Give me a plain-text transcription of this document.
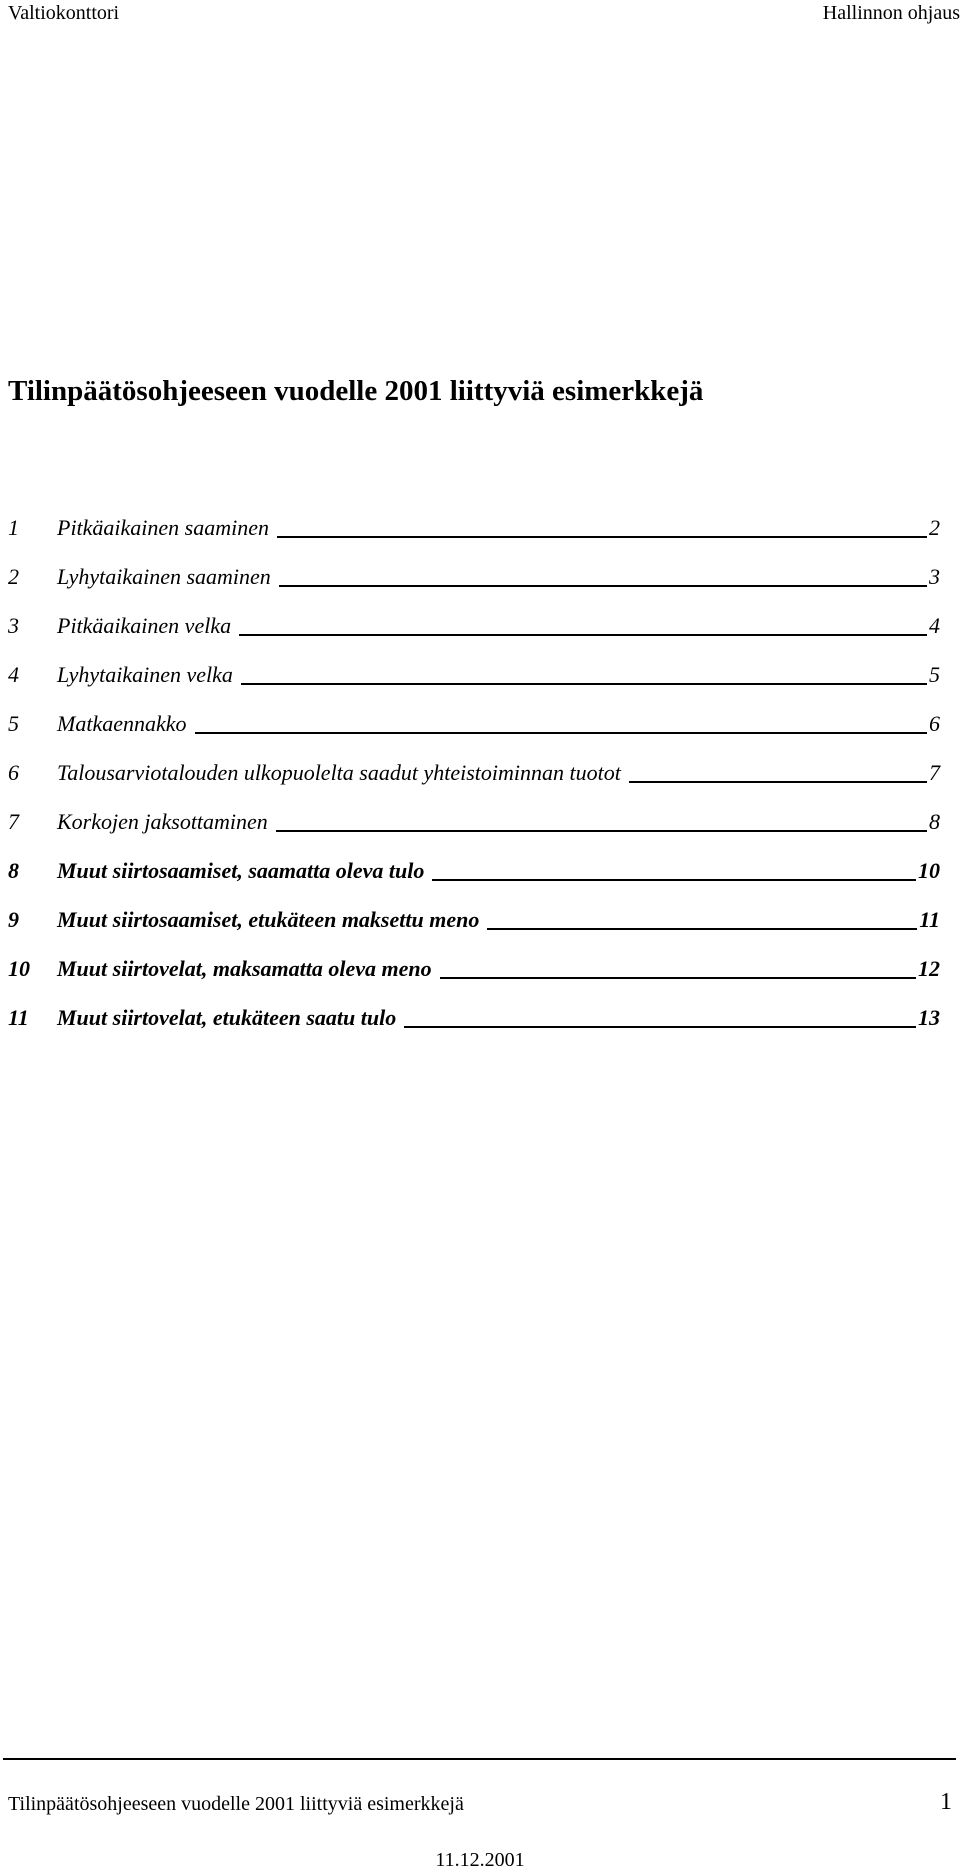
Valtiokonttori	Hallinnon ohjaus
Tilinpäätösohjeeseen vuodelle 2001 liittyviä esimerkkejä
1	Pitkäaikainen saaminen	2
2	Lyhytaikainen saaminen	3
3	Pitkäaikainen velka	4
4	Lyhytaikainen velka	5
5	Matkaennakko	6
6	Talousarviotalouden ulkopuolelta saadut yhteistoiminnan tuotot	7
7	Korkojen jaksottaminen	8
8	Muut siirtosaamiset, saamatta oleva tulo	10
9	Muut siirtosaamiset, etukäteen maksettu meno	11
10	Muut siirtovelat, maksamatta oleva meno	12
11	Muut siirtovelat, etukäteen saatu tulo	13
Tilinpäätösohjeeseen vuodelle 2001 liittyviä esimerkkejä	1
11.12.2001
